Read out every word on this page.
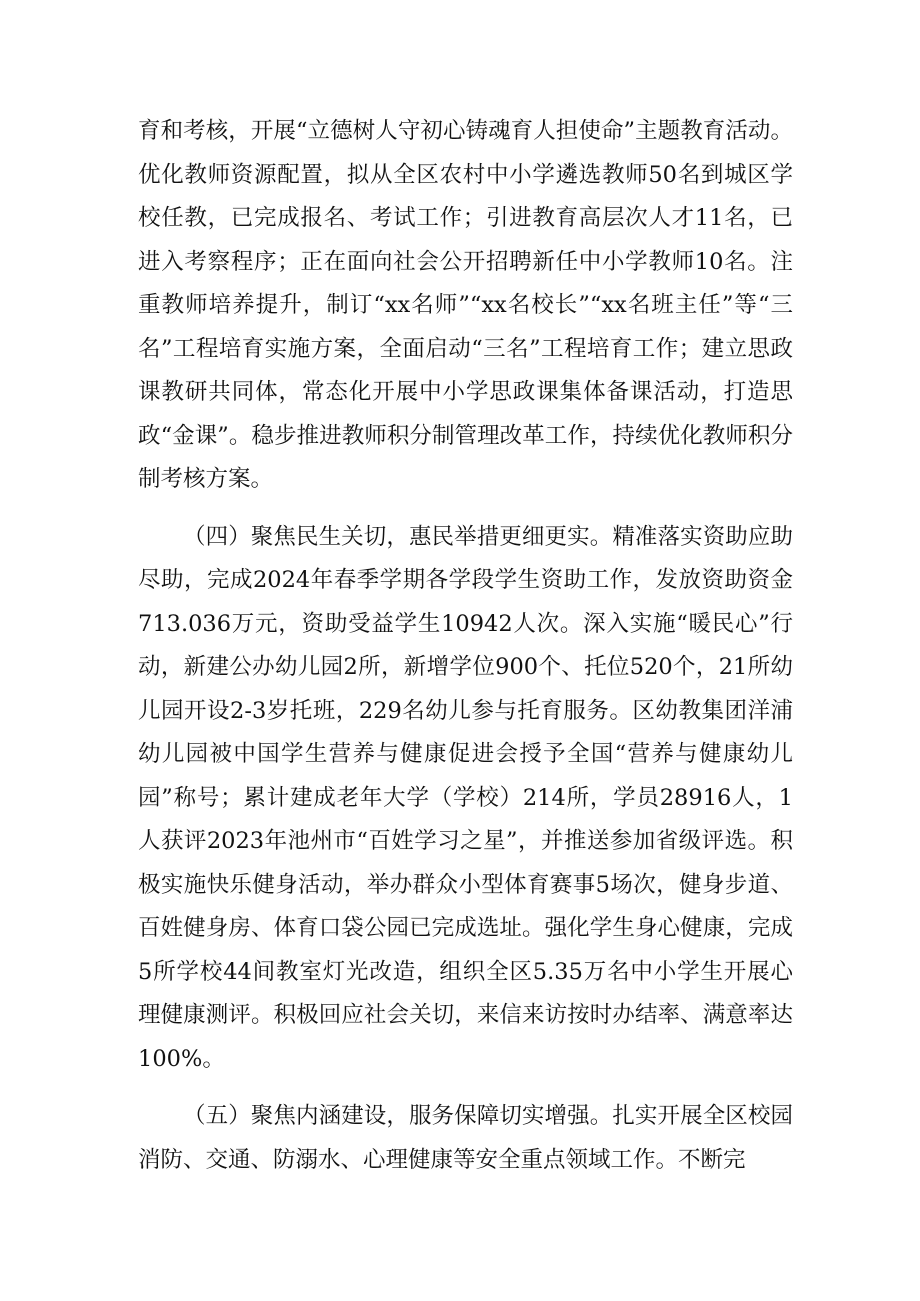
育和考核，开展“立德树人守初心铸魂育人担使命”主题教育活动。优化教师资源配置，拟从全区农村中小学遴选教师50名到城区学校任教，已完成报名、考试工作；引进教育高层次人才11名，已进入考察程序；正在面向社会公开招聘新任中小学教师10名。注重教师培养提升，制订“xx名师”“xx名校长”“xx名班主任”等“三名”工程培育实施方案，全面启动“三名”工程培育工作；建立思政课教研共同体，常态化开展中小学思政课集体备课活动，打造思政“金课”。稳步推进教师积分制管理改革工作，持续优化教师积分制考核方案。

（四）聚焦民生关切，惠民举措更细更实。精准落实资助应助尽助，完成2024年春季学期各学段学生资助工作，发放资助资金713.036万元，资助受益学生10942人次。深入实施“暖民心”行动，新建公办幼儿园2所，新增学位900个、托位520个，21所幼儿园开设2-3岁托班，229名幼儿参与托育服务。区幼教集团洋浦幼儿园被中国学生营养与健康促进会授予全国“营养与健康幼儿园”称号；累计建成老年大学（学校）214所，学员28916人，1人获评2023年池州市“百姓学习之星”，并推送参加省级评选。积极实施快乐健身活动，举办群众小型体育赛事5场次，健身步道、百姓健身房、体育口袋公园已完成选址。强化学生身心健康，完成5所学校44间教室灯光改造，组织全区5.35万名中小学生开展心理健康测评。积极回应社会关切，来信来访按时办结率、满意率达100%。

（五）聚焦内涵建设，服务保障切实增强。扎实开展全区校园消防、交通、防溺水、心理健康等安全重点领域工作。不断完
